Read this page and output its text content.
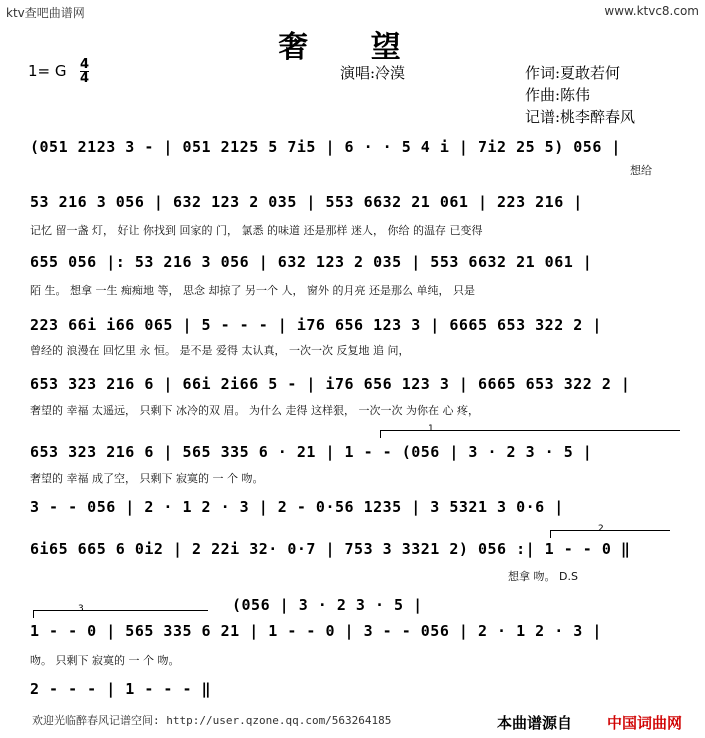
ktv查吧曲谱网	www.ktvc8.com
奢 望
1= G $\frac{4}{4}$	演唱:冷漠	作词:夏敢若何
作曲:陈伟
记谱:桃李醉春风
(051 2123 3 - | 051 2125 5 7i5 | 6 · · 5 4 i | 7i2 25 5) 056 |
想给
53 216 3 056 | 632 123 2 035 | 553 6632 21 061 | 223 216 |
记忆 留一盏 灯， 好让 你找到 回家的 门， 氯悉 的味道 还是那样 迷人， 你给 的温存 已变得
655 056 |: 53 216 3 056 | 632 123 2 035 | 553 6632 21 061 |
陌 生。 想拿 一生 痴痴地 等， 思念 却掠了 另一个 人， 窗外 的月亮 还是那么 单纯， 只是
223 66i i66 065 | 5 - - - | i76 656 123 3 | 6665 653 322 2 |
曾经的 浪漫在 回忆里 永 恒。 是不是 爱得 太认真， 一次一次 反复地 追 问，
653 323 216 6 | 66i 2i66 5 - | i76 656 123 3 | 6665 653 322 2 |
奢望的 幸福 太遥远， 只剩下 冰冷的双 眉。 为什么 走得 这样狠， 一次一次 为你在 心 疼，
1
653 323 216 6 | 565 335 6 · 21 | 1 - - (056 | 3 · 2 3 · 5 |
奢望的 幸福 成了空， 只剩下 寂寞的 一 个 吻。
3 - - 056 | 2 · 1 2 · 3 | 2 - 0·56 1235 | 3 5321 3 0·6 |
2
6i65 665 6 0i2 | 2 22i 32· 0·7 | 753 3 3321 2) 056 :| 1 - - 0 ‖
想拿 吻。 D.S
3	(056 | 3 · 2 3 · 5 |
1 - - 0 | 565 335 6 21 | 1 - - 0 | 3 - - 056 | 2 · 1 2 · 3 |
吻。 只剩下 寂寞的 一 个 吻。
2 - - - | 1 - - - ‖
欢迎光临醉春风记谱空间: http://user.qzone.qq.com/563264185	本曲谱源自 中国词曲网
